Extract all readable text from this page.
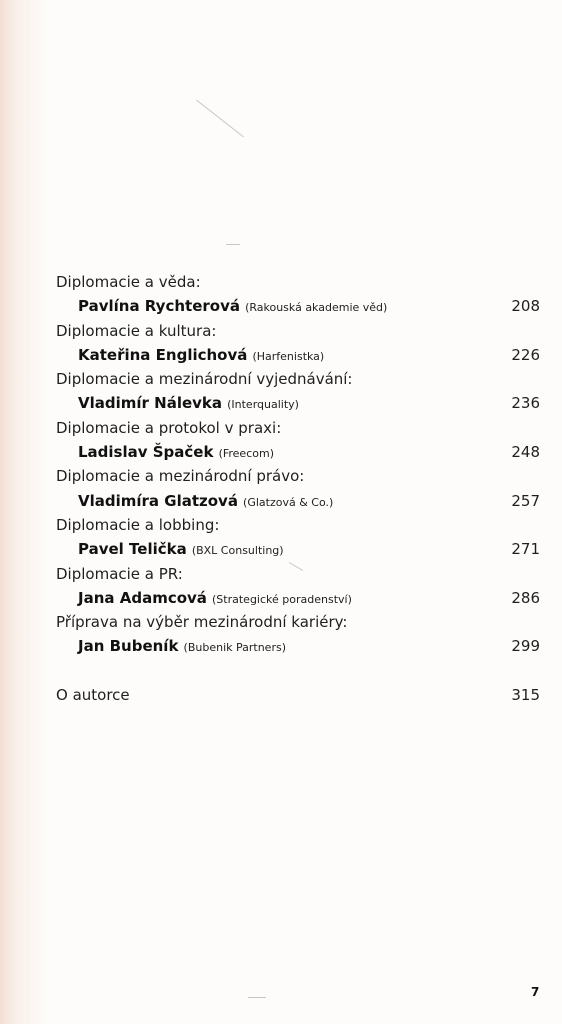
Diplomacie a věda:
Pavlína Rychterová (Rakouská akademie věd)	208
Diplomacie a kultura:
Kateřina Englichová (Harfenistka)	226
Diplomacie a mezinárodní vyjednávání:
Vladimír Nálevka (Interquality)	236
Diplomacie a protokol v praxi:
Ladislav Špaček (Freecom)	248
Diplomacie a mezinárodní právo:
Vladimíra Glatzová (Glatzová & Co.)	257
Diplomacie a lobbing:
Pavel Telička (BXL Consulting)	271
Diplomacie a PR:
Jana Adamcová (Strategické poradenství)	286
Příprava na výběr mezinárodní kariéry:
Jan Bubeník (Bubenik Partners)	299
O autorce	315
7
